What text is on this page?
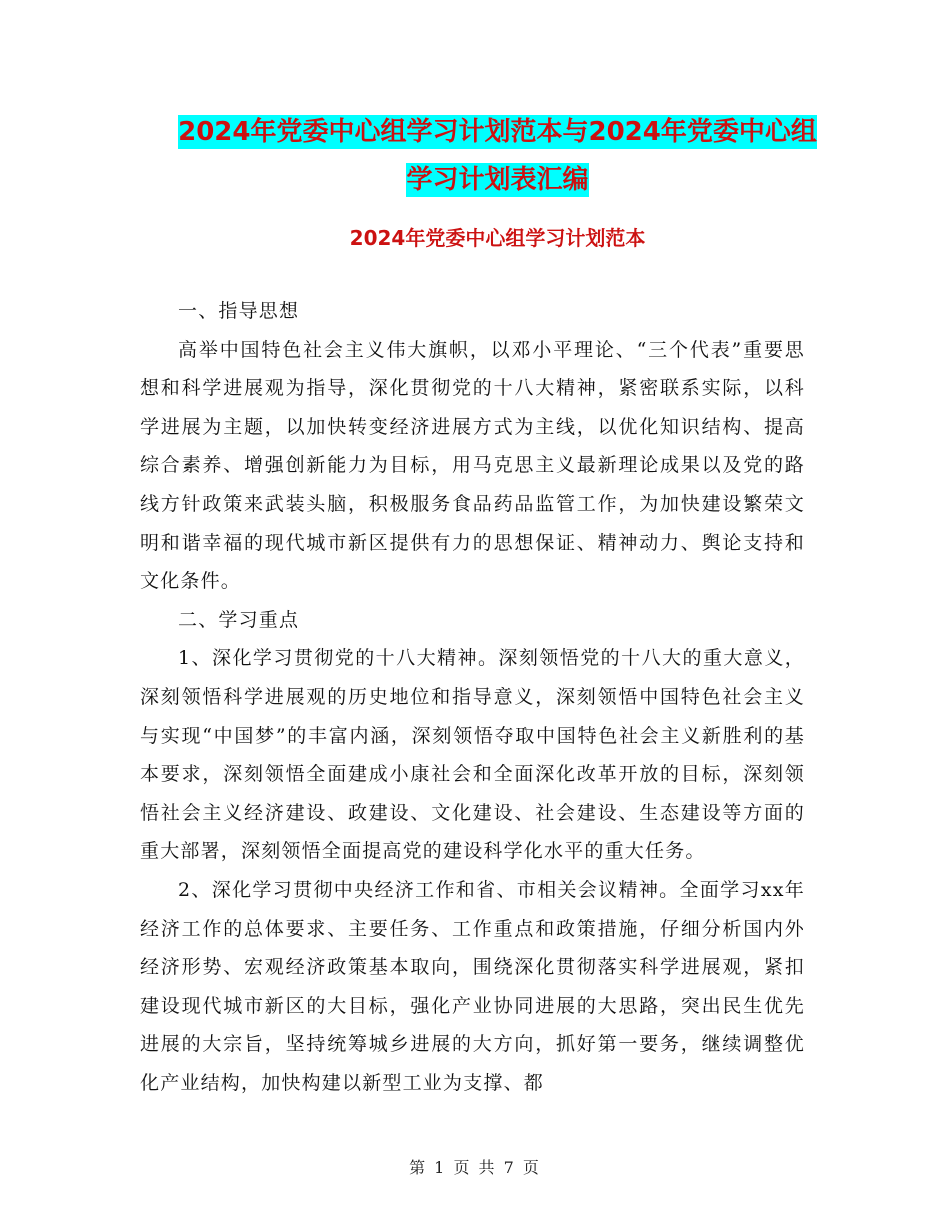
2024年党委中心组学习计划范本与2024年党委中心组
学习计划表汇编
2024年党委中心组学习计划范本

一、指导思想

高举中国特色社会主义伟大旗帜，以邓小平理论、“三个代表”重要思想和科学进展观为指导，深化贯彻党的十八大精神，紧密联系实际，以科学进展为主题，以加快转变经济进展方式为主线，以优化知识结构、提高综合素养、增强创新能力为目标，用马克思主义最新理论成果以及党的路线方针政策来武装头脑，积极服务食品药品监管工作，为加快建设繁荣文明和谐幸福的现代城市新区提供有力的思想保证、精神动力、舆论支持和文化条件。

二、学习重点

1、深化学习贯彻党的十八大精神。深刻领悟党的十八大的重大意义，深刻领悟科学进展观的历史地位和指导意义，深刻领悟中国特色社会主义与实现“中国梦”的丰富内涵，深刻领悟夺取中国特色社会主义新胜利的基本要求，深刻领悟全面建成小康社会和全面深化改革开放的目标，深刻领悟社会主义经济建设、政建设、文化建设、社会建设、生态建设等方面的重大部署，深刻领悟全面提高党的建设科学化水平的重大任务。

2、深化学习贯彻中央经济工作和省、市相关会议精神。全面学习xx年经济工作的总体要求、主要任务、工作重点和政策措施，仔细分析国内外经济形势、宏观经济政策基本取向，围绕深化贯彻落实科学进展观，紧扣建设现代城市新区的大目标，强化产业协同进展的大思路，突出民生优先进展的大宗旨，坚持统筹城乡进展的大方向，抓好第一要务，继续调整优化产业结构，加快构建以新型工业为支撑、都

第 1 页 共 7 页
